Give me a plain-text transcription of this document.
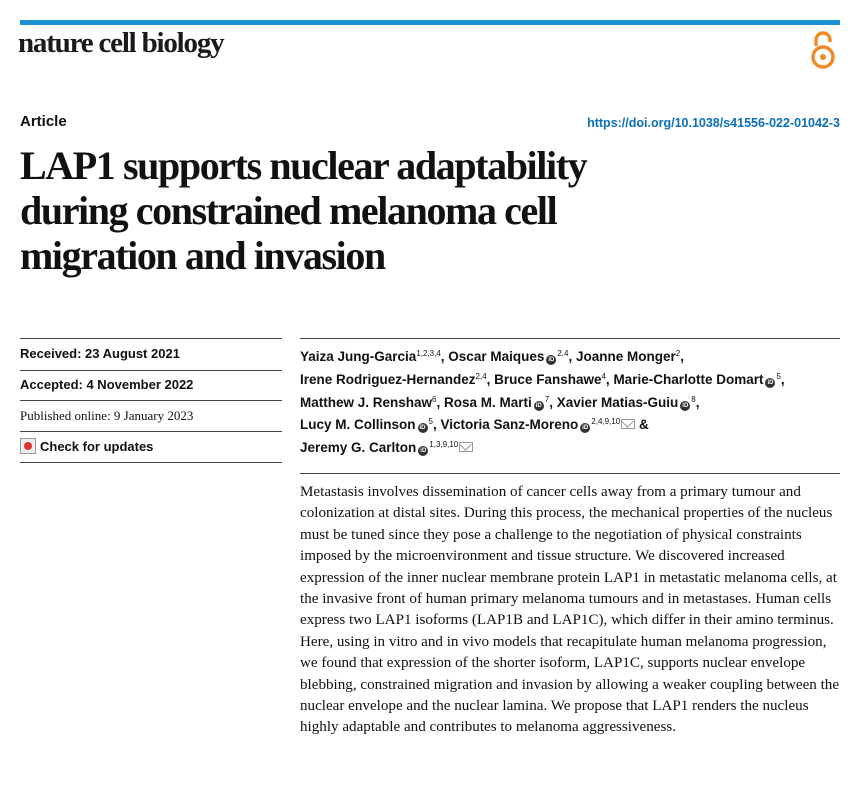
nature cell biology
Article	https://doi.org/10.1038/s41556-022-01042-3
LAP1 supports nuclear adaptability
during constrained melanoma cell
migration and invasion
Received: 23 August 2021
Accepted: 4 November 2022
Published online: 9 January 2023
Check for updates
Yaiza Jung-Garcia$^{1,2,3,4}$, Oscar Maiques iD$^{2,4}$, Joanne Monger$^2$,
Irene Rodriguez-Hernandez$^{2,4}$, Bruce Fanshawe$^4$, Marie-Charlotte Domart $iD^5$,
Matthew J. Renshaw$^6$, Rosa M. Marti $iD^7$, Xavier Matias-Guiu $iD^8$,
Lucy M. Collinson $iD^5$, Victoria Sanz-Moreno iD$^{2,4,9,10}$ &
Jeremy G. Carlton iD$^{1,3,9,10}$

Metastasis involves dissemination of cancer cells away from a primary tumour and colonization at distal sites. During this process, the mechanical properties of the nucleus must be tuned since they pose a challenge to the negotiation of physical constraints imposed by the microenvironment and tissue structure. We discovered increased expression of the inner nuclear membrane protein LAP1 in metastatic melanoma cells, at the invasive front of human primary melanoma tumours and in metastases. Human cells express two LAP1 isoforms (LAP1B and LAP1C), which differ in their amino terminus. Here, using in vitro and in vivo models that recapitulate human melanoma progression, we found that expression of the shorter isoform, LAP1C, supports nuclear envelope blebbing, constrained migration and invasion by allowing a weaker coupling between the nuclear envelope and the nuclear lamina. We propose that LAP1 renders the nucleus highly adaptable and contributes to melanoma aggressiveness.
